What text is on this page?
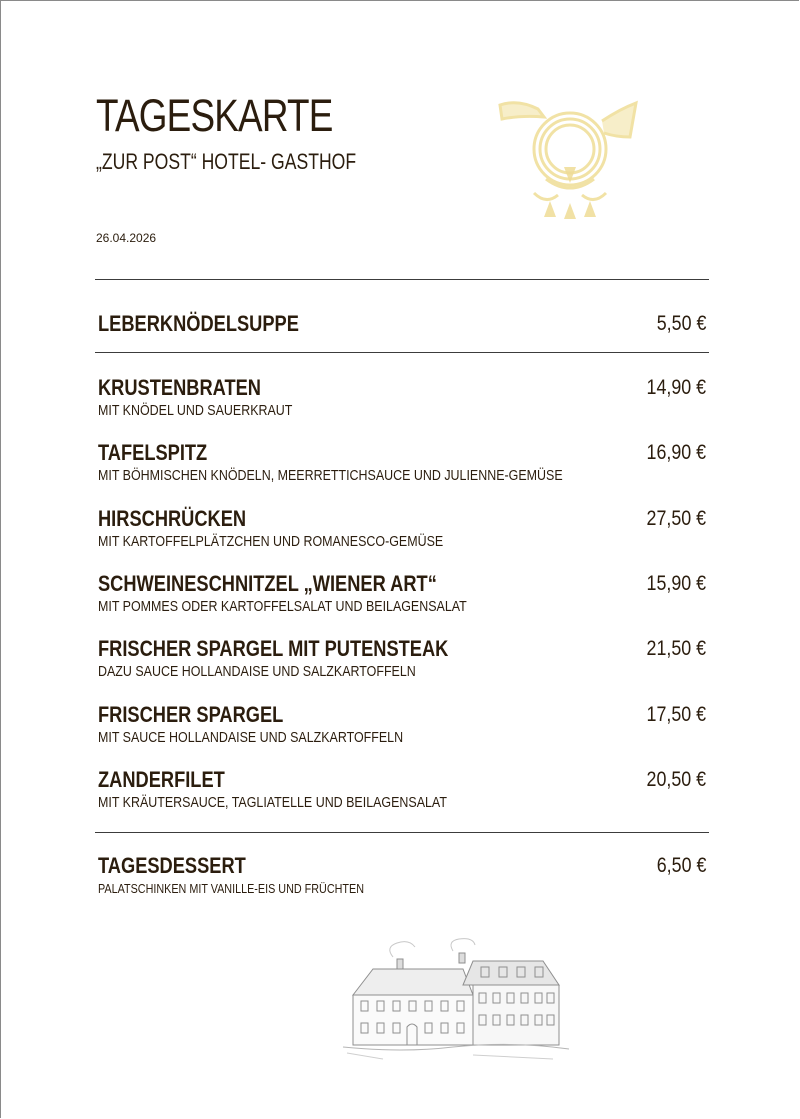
TAGESKARTE
„ZUR POST“ HOTEL- GASTHOF
26.04.2026
LEBERKNÖDELSUPPE	5,50 €
KRUSTENBRATEN
MIT KNÖDEL UND SAUERKRAUT
14,90 €
TAFELSPITZ
MIT BÖHMISCHEN KNÖDELN, MEERRETTICHSAUCE UND JULIENNE-GEMÜSE
16,90 €
HIRSCHRÜCKEN
MIT KARTOFFELPLÄTZCHEN UND ROMANESCO-GEMÜSE
27,50 €
SCHWEINESCHNITZEL „WIENER ART“
MIT POMMES ODER KARTOFFELSALAT UND BEILAGENSALAT
15,90 €
FRISCHER SPARGEL MIT PUTENSTEAK
DAZU SAUCE HOLLANDAISE UND SALZKARTOFFELN
21,50 €
FRISCHER SPARGEL
MIT SAUCE HOLLANDAISE UND SALZKARTOFFELN
17,50 €
ZANDERFILET
MIT KRÄUTERSAUCE, TAGLIATELLE UND BEILAGENSALAT
20,50 €
TAGESDESSERT
PALATSCHINKEN MIT VANILLE-EIS UND FRÜCHTEN
6,50 €
